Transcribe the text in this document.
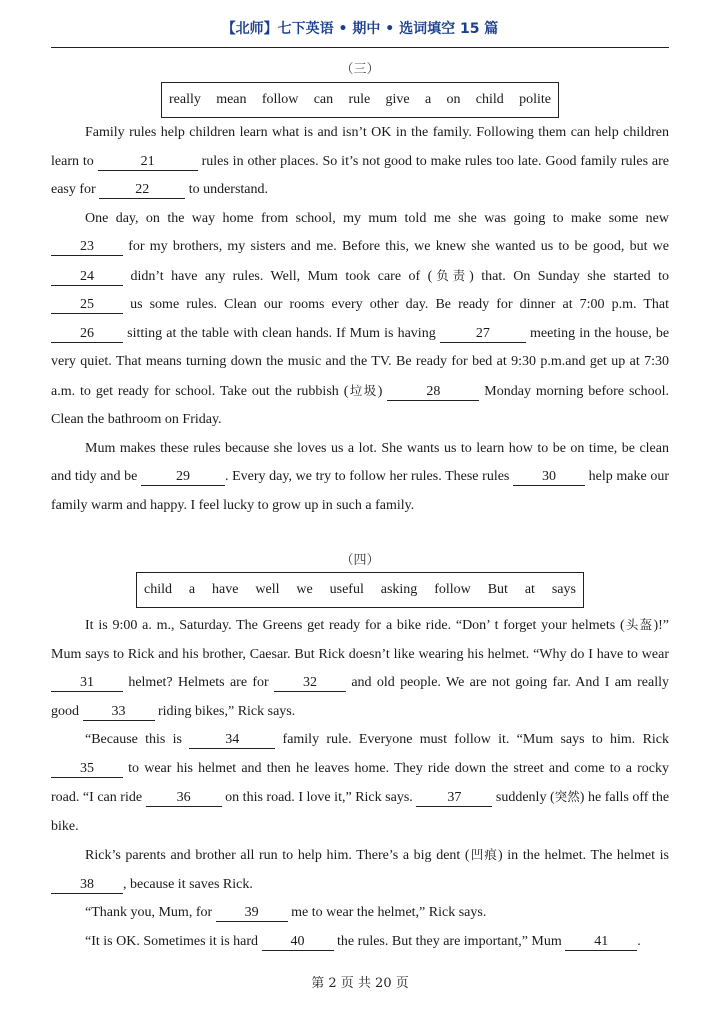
【北师】七下英语 • 期中 • 选词填空 15 篇
（三）
really mean follow can rule give a on child polite

Family rules help children learn what is and isn’t OK in the family. Following them can help children learn to	21	rules in other places. So it’s not good to make rules too late. Good family rules are easy for	22	to understand.

One day, on the way home from school, my mum told me she was going to make some new 23 for my brothers, my sisters and me. Before this, we knew she wanted us to be good, but we 24	didn’t have any rules. Well, Mum took care of (负责) that. On Sunday she started to 25	us some rules. Clean our rooms every other day. Be ready for dinner at 7:00 p.m. That 26 sitting at the table with clean hands. If Mum is having	27	meeting in the house, be very quiet. That means turning down the music and the TV. Be ready for bed at 9:30 p.m.and get up at 7:30 a.m. to get ready for school. Take out the rubbish (垃圾)	28	Monday morning before school. Clean the bathroom on Friday.

Mum makes these rules because she loves us a lot. She wants us to learn how to be on time, be clean and tidy and be	29	. Every day, we try to follow her rules. These rules 30 help make our family warm and happy. I feel lucky to grow up in such a family.

（四）
child a have well we useful asking follow But at says

It is 9:00 a. m., Saturday. The Greens get ready for a bike ride. “Don’ t forget your helmets (头盔)!” Mum says to Rick and his brother, Caesar. But Rick doesn’t like wearing his helmet. “Why do I have to wear 31 helmet? Helmets are for 32 and old people. We are not going far. And I am really good 33 riding bikes,” Rick says.

“Because this is	34	family rule. Everyone must follow it. “Mum says to him. Rick 35 to wear his helmet and then he leaves home. They ride down the street and come to a rocky road. “I can ride 36 on this road. I love it,” Rick says. 37 suddenly (突然) he falls off the bike.

Rick’s parents and brother all run to help him. There’s a big dent (凹痕) in the helmet. The helmet is 38 , because it saves Rick.

“Thank you, Mum, for 39 me to wear the helmet,” Rick says.

“It is OK. Sometimes it is hard 40 the rules. But they are important,” Mum 41 .

第 2 页 共 20 页
